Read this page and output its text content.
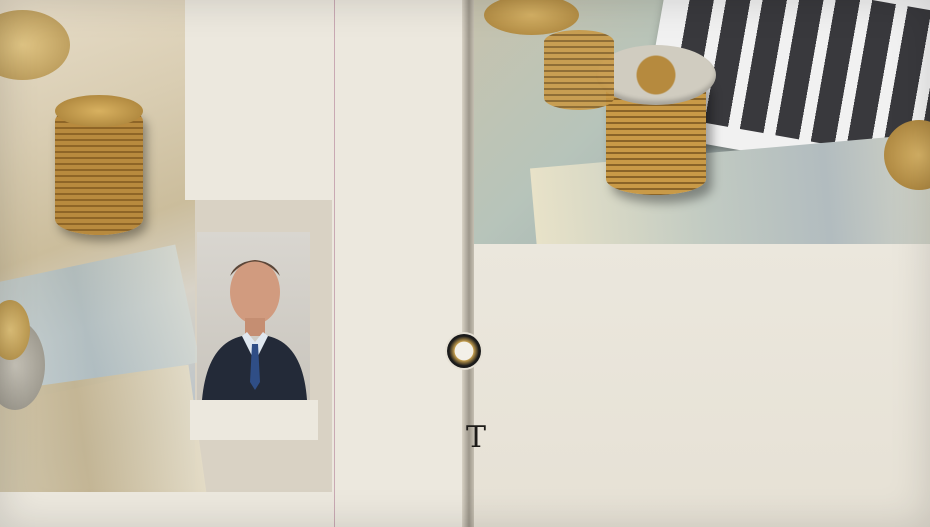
Τ
